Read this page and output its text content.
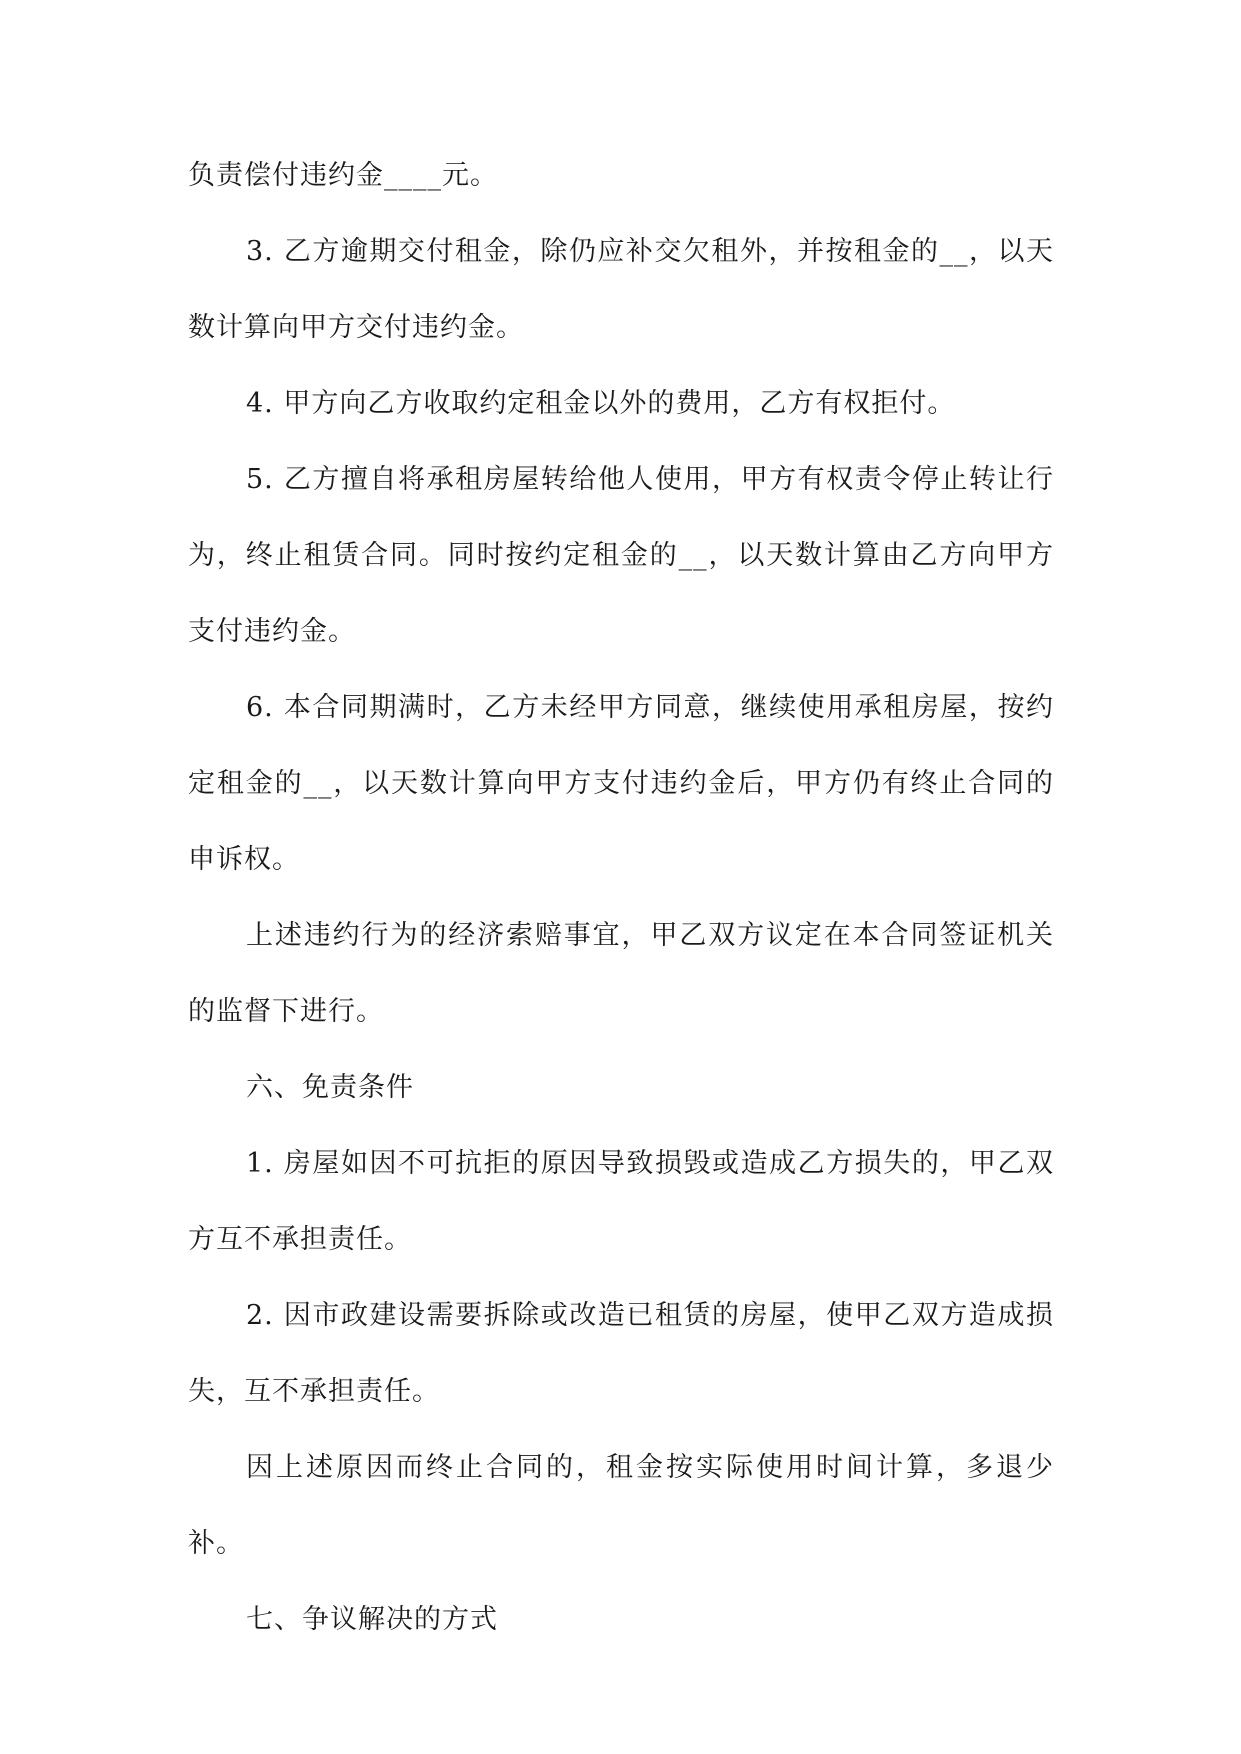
负责偿付违约金____元。

3. 乙方逾期交付租金，除仍应补交欠租外，并按租金的__，以天数计算向甲方交付违约金。

4. 甲方向乙方收取约定租金以外的费用，乙方有权拒付。

5. 乙方擅自将承租房屋转给他人使用，甲方有权责令停止转让行为，终止租赁合同。同时按约定租金的__，以天数计算由乙方向甲方支付违约金。

6. 本合同期满时，乙方未经甲方同意，继续使用承租房屋，按约定租金的__，以天数计算向甲方支付违约金后，甲方仍有终止合同的申诉权。

上述违约行为的经济索赔事宜，甲乙双方议定在本合同签证机关的监督下进行。

六、免责条件

1. 房屋如因不可抗拒的原因导致损毁或造成乙方损失的，甲乙双方互不承担责任。

2. 因市政建设需要拆除或改造已租赁的房屋，使甲乙双方造成损失，互不承担责任。

因上述原因而终止合同的，租金按实际使用时间计算，多退少补。

七、争议解决的方式
